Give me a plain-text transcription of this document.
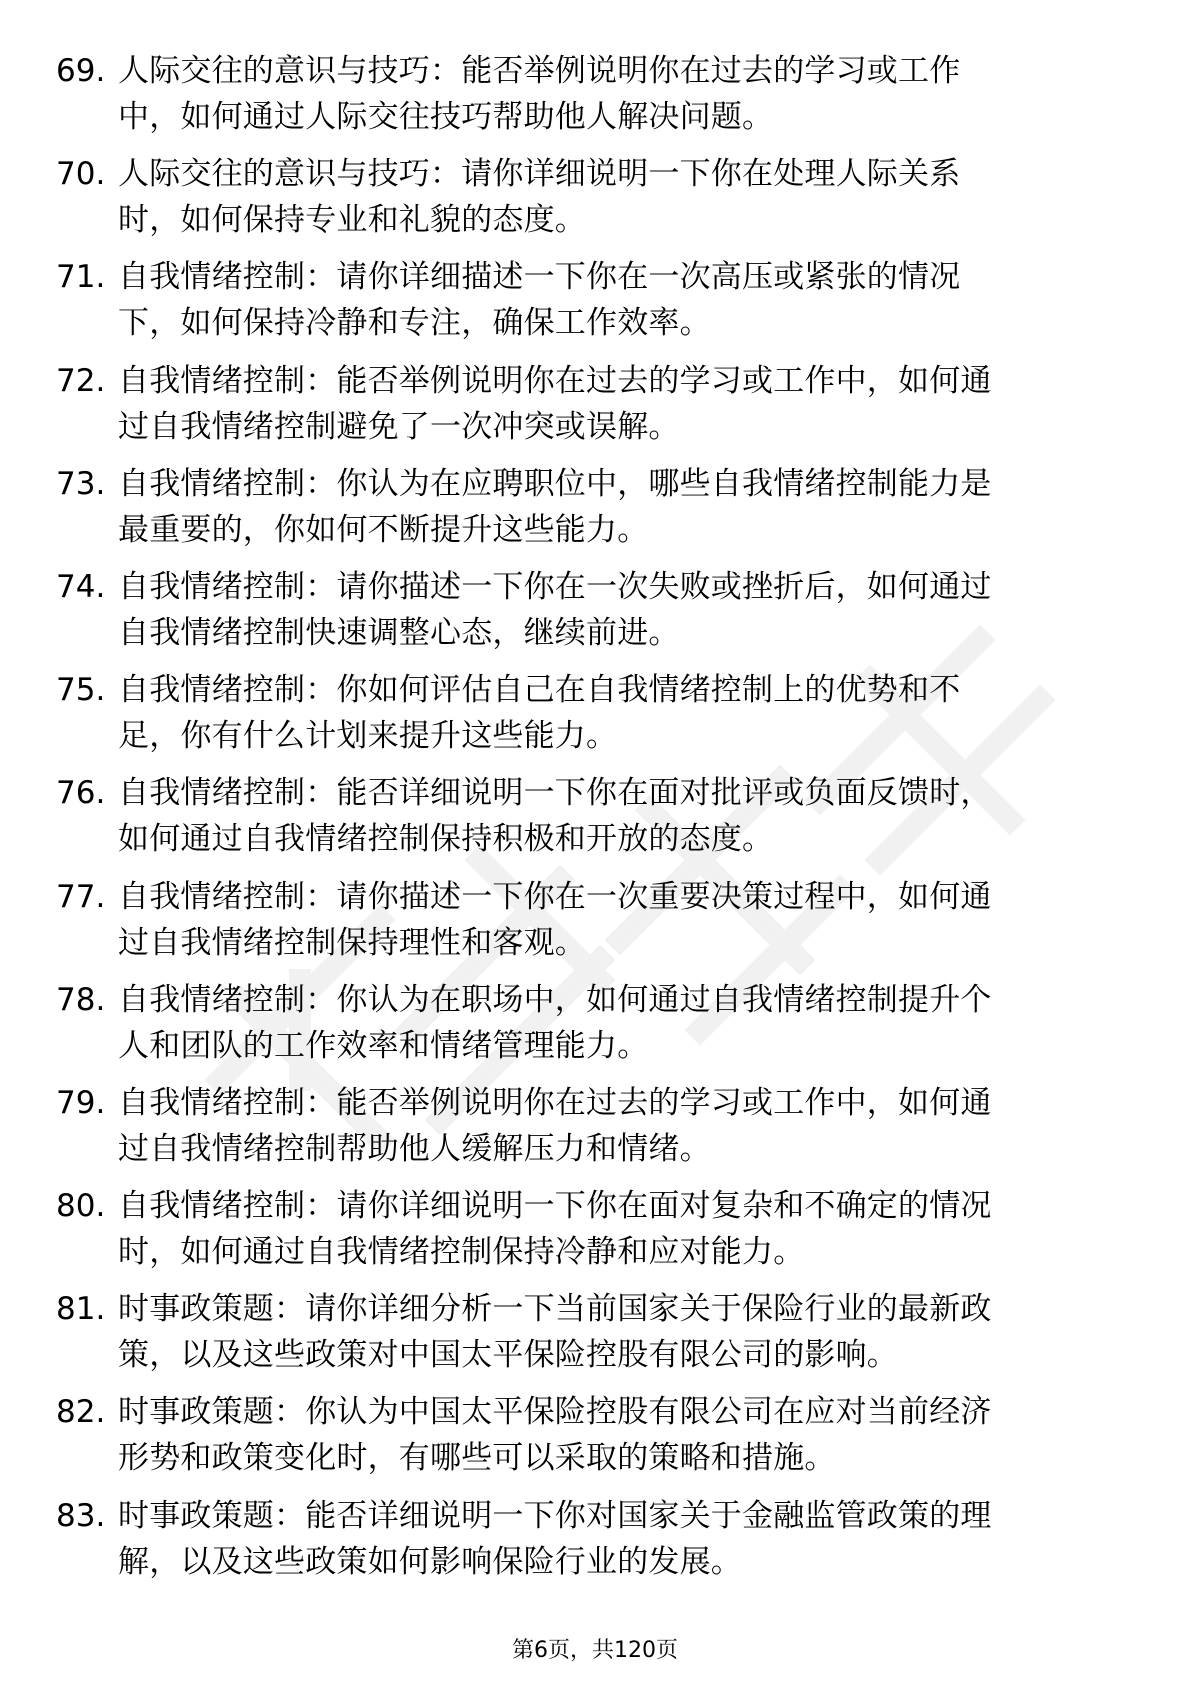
69. 人际交往的意识与技巧：能否举例说明你在过去的学习或工作
中，如何通过人际交往技巧帮助他人解决问题。
70. 人际交往的意识与技巧：请你详细说明一下你在处理人际关系
时，如何保持专业和礼貌的态度。
71. 自我情绪控制：请你详细描述一下你在一次高压或紧张的情况
下，如何保持冷静和专注，确保工作效率。
72. 自我情绪控制：能否举例说明你在过去的学习或工作中，如何通
过自我情绪控制避免了一次冲突或误解。
73. 自我情绪控制：你认为在应聘职位中，哪些自我情绪控制能力是
最重要的，你如何不断提升这些能力。
74. 自我情绪控制：请你描述一下你在一次失败或挫折后，如何通过
自我情绪控制快速调整心态，继续前进。
75. 自我情绪控制：你如何评估自己在自我情绪控制上的优势和不
足，你有什么计划来提升这些能力。
76. 自我情绪控制：能否详细说明一下你在面对批评或负面反馈时，
如何通过自我情绪控制保持积极和开放的态度。
77. 自我情绪控制：请你描述一下你在一次重要决策过程中，如何通
过自我情绪控制保持理性和客观。
78. 自我情绪控制：你认为在职场中，如何通过自我情绪控制提升个
人和团队的工作效率和情绪管理能力。
79. 自我情绪控制：能否举例说明你在过去的学习或工作中，如何通
过自我情绪控制帮助他人缓解压力和情绪。
80. 自我情绪控制：请你详细说明一下你在面对复杂和不确定的情况
时，如何通过自我情绪控制保持冷静和应对能力。
81. 时事政策题：请你详细分析一下当前国家关于保险行业的最新政
策，以及这些政策对中国太平保险控股有限公司的影响。
82. 时事政策题：你认为中国太平保险控股有限公司在应对当前经济
形势和政策变化时，有哪些可以采取的策略和措施。
83. 时事政策题：能否详细说明一下你对国家关于金融监管政策的理
解，以及这些政策如何影响保险行业的发展。
第6页，共120页
